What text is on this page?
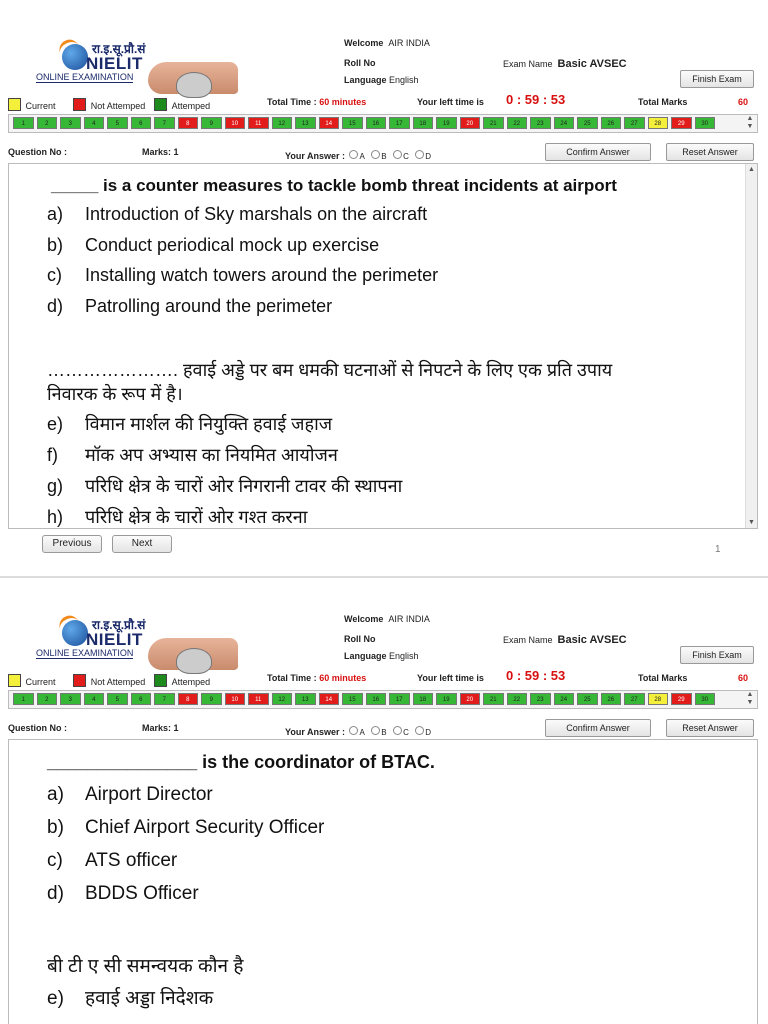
रा.इ.सू.प्रौ.सं
NIELIT
ONLINE EXAMINATION
Welcome AIR INDIA
Roll No
Language English
Exam Name Basic AVSEC
Finish Exam
Current	Not Attemped	Attemped	Total Time : 60 minutes	Your left time is 0 : 59 : 53	Total Marks	60
1	2	3	4	5	6	7	8	9	10	11	12	13	14	15	16	17	18	19	20	21	22	23	24	25	26	27	28	29	30
▲
▼
Question No :	Marks: 1	Your Answer : A B C D	Confirm Answer	Reset Answer
_____ is a counter measures to tackle bomb threat incidents at airport
a) Introduction of Sky marshals on the aircraft
b) Conduct periodical mock up exercise
c) Installing watch towers around the perimeter
d) Patrolling around the perimeter
…………………. हवाई अड्डे पर बम धमकी घटनाओं से निपटने के लिए एक प्रति उपाय
निवारक के रूप में है।
e) विमान मार्शल की नियुक्ति हवाई जहाज
f) मॉक अप अभ्यास का नियमित आयोजन
g) परिधि क्षेत्र के चारों ओर निगरानी टावर की स्थापना
h) परिधि क्षेत्र के चारों ओर गश्त करना
▲
▼
Previous	Next
1
रा.इ.सू.प्रौ.सं
NIELIT
ONLINE EXAMINATION
Welcome AIR INDIA
Roll No
Language English
Exam Name Basic AVSEC
Finish Exam
Current	Not Attemped	Attemped	Total Time : 60 minutes	Your left time is 0 : 59 : 53	Total Marks	60
1	2	3	4	5	6	7	8	9	10	11	12	13	14	15	16	17	18	19	20	21	22	23	24	25	26	27	28	29	30
▲
▼
Question No :	Marks: 1	Your Answer : A B C D	Confirm Answer	Reset Answer
_______________ is the coordinator of BTAC.
a) Airport Director
b) Chief Airport Security Officer
c) ATS officer
d) BDDS Officer
बी टी ए सी समन्वयक कौन है
e) हवाई अड्डा निदेशक
